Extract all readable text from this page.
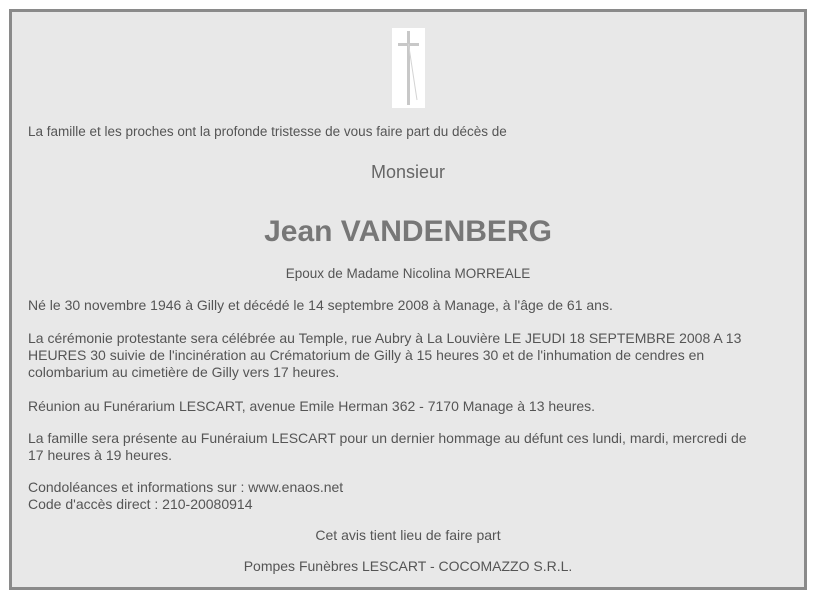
La famille et les proches ont la profonde tristesse de vous faire part du décès de
Monsieur
Jean VANDENBERG
Epoux de Madame Nicolina MORREALE
Né le 30 novembre 1946 à Gilly et décédé le 14 septembre 2008 à Manage, à l'âge de 61 ans.
La cérémonie protestante sera célébrée au Temple, rue Aubry à La Louvière LE JEUDI 18 SEPTEMBRE 2008 A 13
HEURES 30 suivie de l'incinération au Crématorium de Gilly à 15 heures 30 et de l'inhumation de cendres en
colombarium au cimetière de Gilly vers 17 heures.
Réunion au Funérarium LESCART, avenue Emile Herman 362 - 7170 Manage à 13 heures.
La famille sera présente au Funéraium LESCART pour un dernier hommage au défunt ces lundi, mardi, mercredi de
17 heures à 19 heures.
Condoléances et informations sur : www.enaos.net
Code d'accès direct : 210-20080914
Cet avis tient lieu de faire part
Pompes Funèbres LESCART - COCOMAZZO S.R.L.
